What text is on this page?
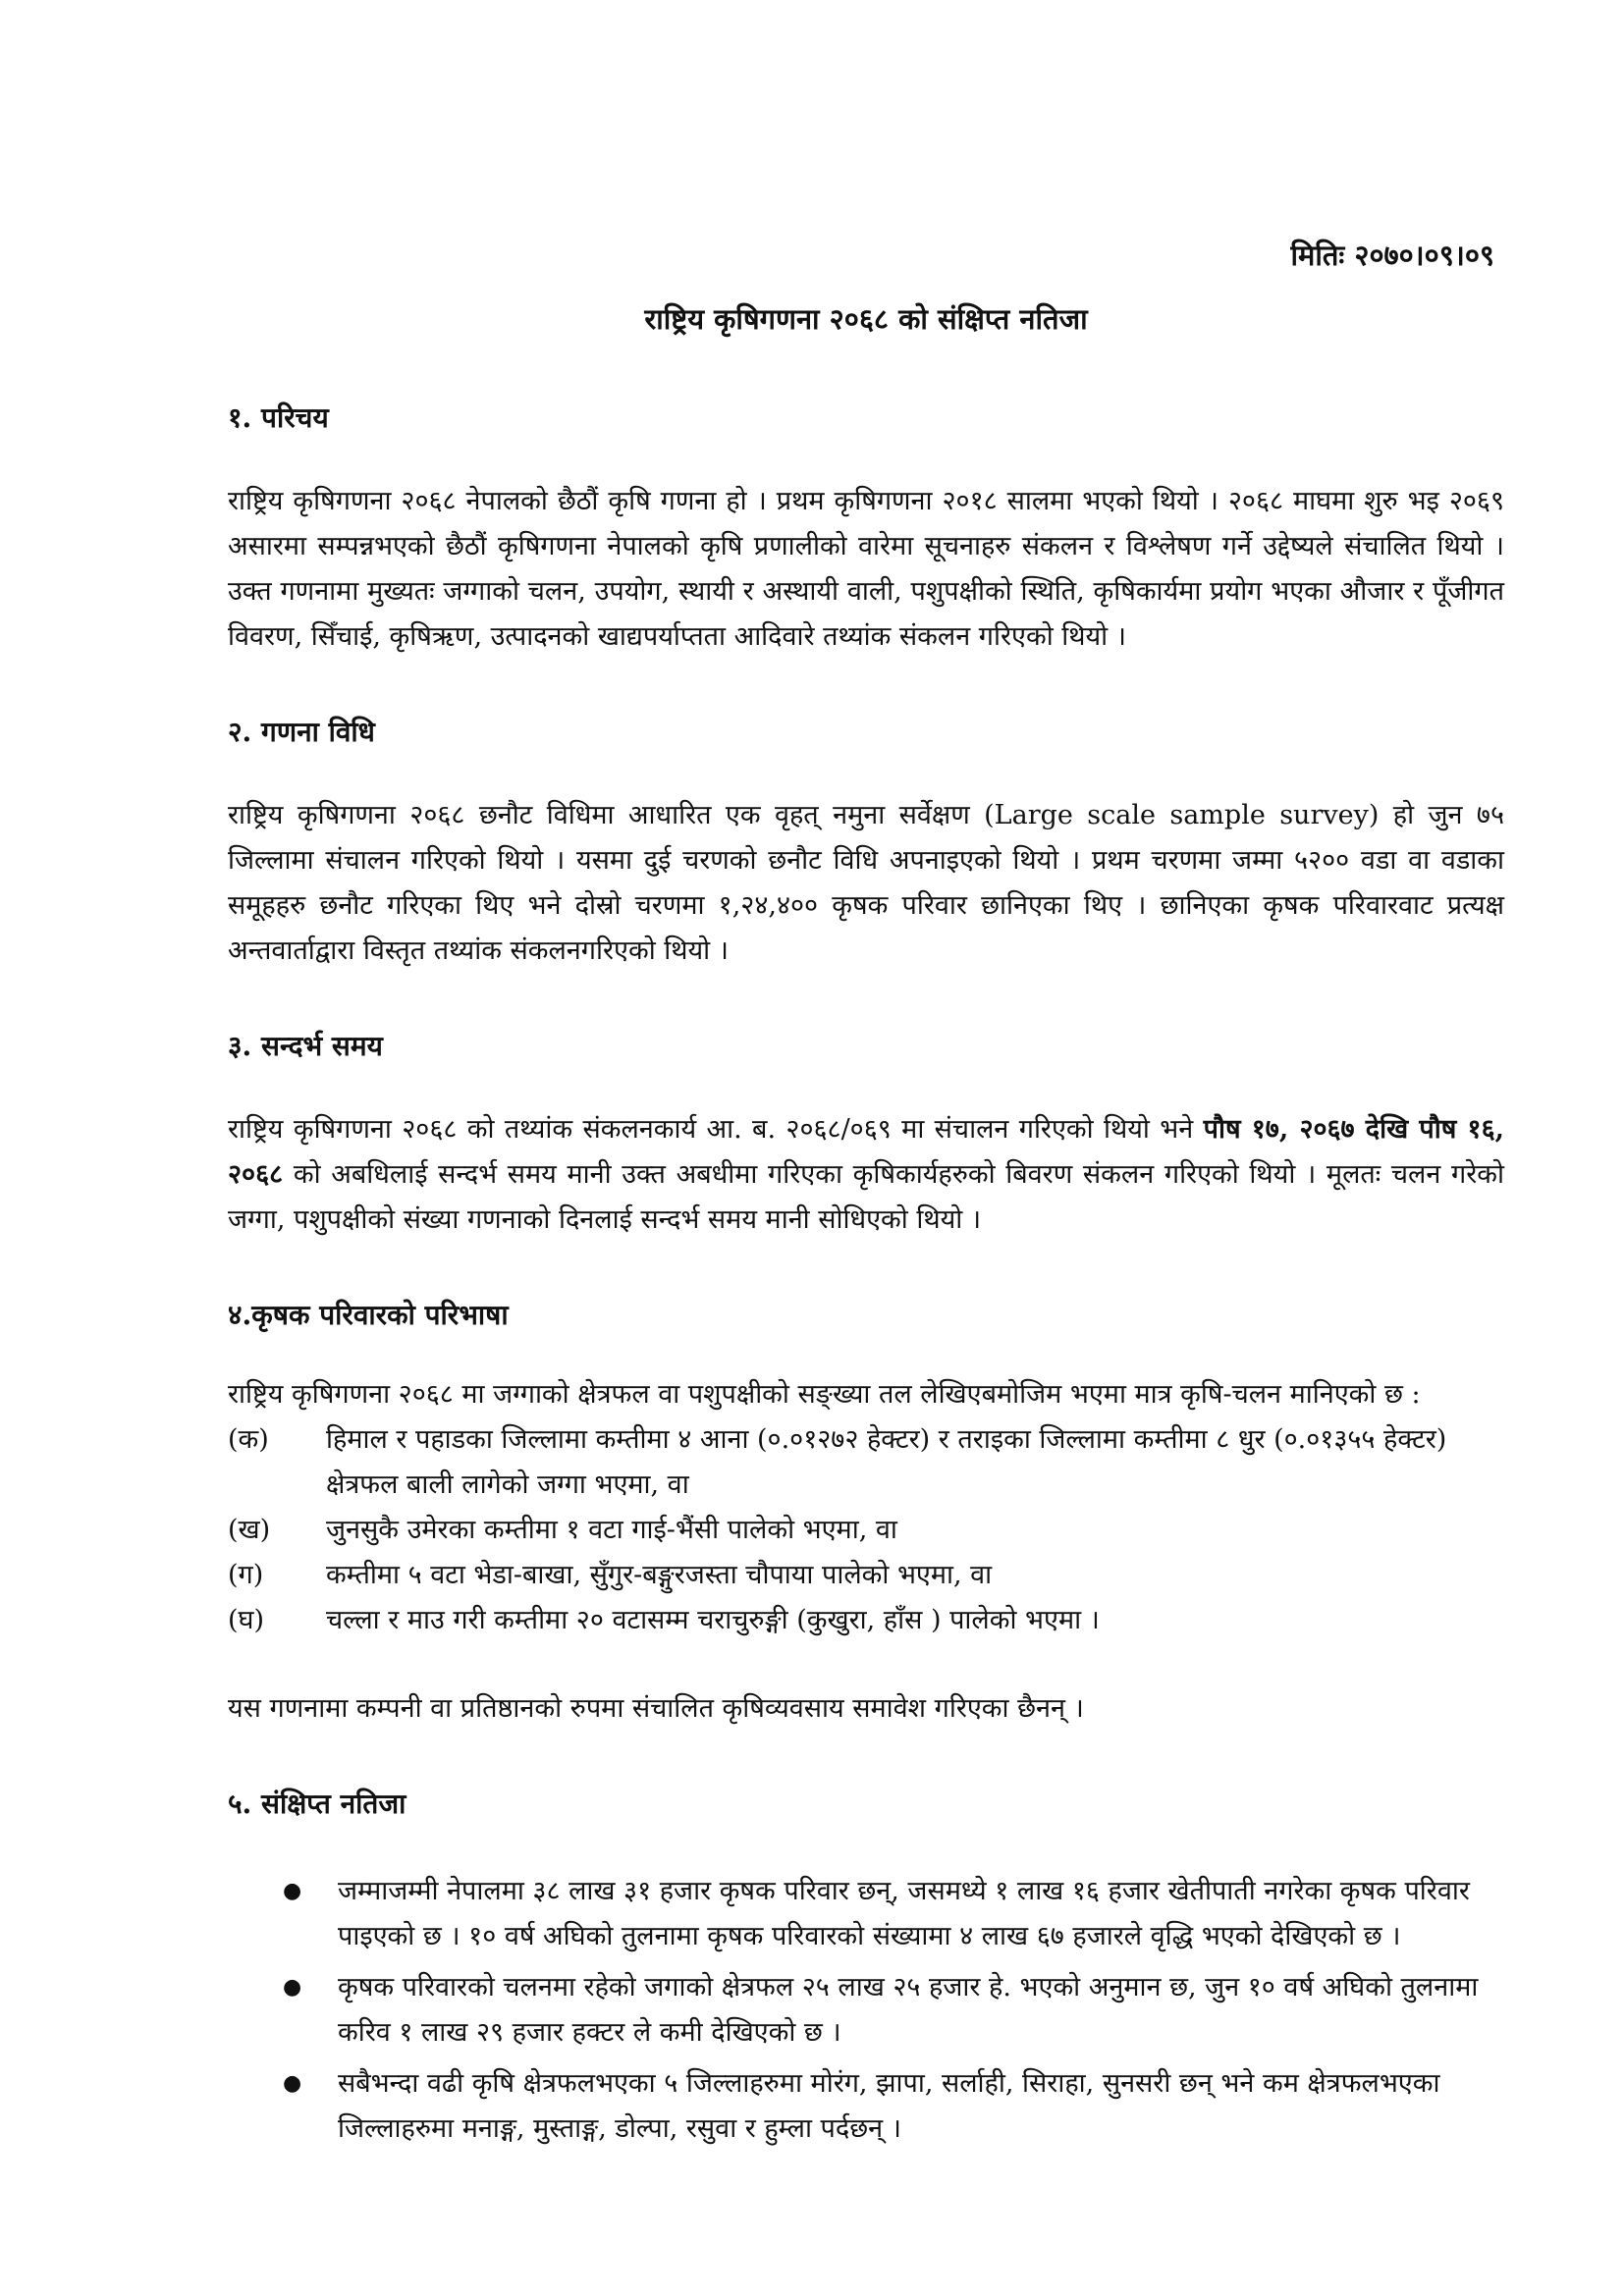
मितिः २०७०।०९।०९
राष्ट्रिय कृषिगणना २०६८ को संक्षिप्त नतिजा
१. परिचय

राष्ट्रिय कृषिगणना २०६८ नेपालको छैठौं कृषि गणना हो । प्रथम कृषिगणना २०१८ सालमा भएको थियो । २०६८ माघमा शुरु भइ २०६९ असारमा सम्पन्नभएको छैठौं कृषिगणना नेपालको कृषि प्रणालीको वारेमा सूचनाहरु संकलन र विश्लेषण गर्ने उद्देष्यले संचालित थियो । उक्त गणनामा मुख्यतः जग्गाको चलन, उपयोग, स्थायी र अस्थायी वाली, पशुपक्षीको स्थिति, कृषिकार्यमा प्रयोग भएका औजार र पूँजीगत विवरण, सिँचाई, कृषिऋण, उत्पादनको खाद्यपर्याप्तता आदिवारे तथ्यांक संकलन गरिएको थियो ।

२. गणना विधि

राष्ट्रिय कृषिगणना २०६८ छनौट विधिमा आधारित एक वृहत् नमुना सर्वेक्षण (Large scale sample survey) हो जुन ७५ जिल्लामा संचालन गरिएको थियो । यसमा दुई चरणको छनौट विधि अपनाइएको थियो । प्रथम चरणमा जम्मा ५२०० वडा वा वडाका समूहहरु छनौट गरिएका थिए भने दोस्रो चरणमा १,२४,४०० कृषक परिवार छानिएका थिए । छानिएका कृषक परिवारवाट प्रत्यक्ष अन्तवार्ताद्वारा विस्तृत तथ्यांक संकलनगरिएको थियो ।

३. सन्दर्भ समय

राष्ट्रिय कृषिगणना २०६८ को तथ्यांक संकलनकार्य आ. ब. २०६८/०६९ मा संचालन गरिएको थियो भने पौष १७, २०६७ देखि पौष १६, २०६८ को अबधिलाई सन्दर्भ समय मानी उक्त अबधीमा गरिएका कृषिकार्यहरुको बिवरण संकलन गरिएको थियो । मूलतः चलन गरेको जग्गा, पशुपक्षीको संख्या गणनाको दिनलाई सन्दर्भ समय मानी सोधिएको थियो ।

४.कृषक परिवारको परिभाषा

राष्ट्रिय कृषिगणना २०६८ मा जग्गाको क्षेत्रफल वा पशुपक्षीको सङ्ख्या तल लेखिएबमोजिम भएमा मात्र कृषि-चलन मानिएको छ :

(क)	हिमाल र पहाडका जिल्लामा कम्तीमा ४ आना (०.०१२७२ हेक्टर) र तराइका जिल्लामा कम्तीमा ८ धुर (०.०१३५५ हेक्टर) क्षेत्रफल बाली लागेको जग्गा भएमा, वा
(ख)	जुनसुकै उमेरका कम्तीमा १ वटा गाई-भैंसी पालेको भएमा, वा
(ग)	कम्तीमा ५ वटा भेडा-बाखा, सुँगुर-बङ्गुरजस्ता चौपाया पालेको भएमा, वा
(घ)	चल्ला र माउ गरी कम्तीमा २० वटासम्म चराचुरुङ्गी (कुखुरा, हाँस ) पालेको भएमा ।

यस गणनामा कम्पनी वा प्रतिष्ठानको रुपमा संचालित कृषिव्यवसाय समावेश गरिएका छैनन् ।

५. संक्षिप्त नतिजा
●	जम्माजम्मी नेपालमा ३८ लाख ३१ हजार कृषक परिवार छन्, जसमध्ये १ लाख १६ हजार खेतीपाती नगरेका कृषक परिवार पाइएको छ । १० वर्ष अघिको तुलनामा कृषक परिवारको संख्यामा ४ लाख ६७ हजारले वृद्धि भएको देखिएको छ ।
●	कृषक परिवारको चलनमा रहेको जगाको क्षेत्रफल २५ लाख २५ हजार हे. भएको अनुमान छ, जुन १० वर्ष अघिको तुलनामा करिव १ लाख २९ हजार हक्टर ले कमी देखिएको छ ।
●	सबैभन्दा वढी कृषि क्षेत्रफलभएका ५ जिल्लाहरुमा मोरंग, झापा, सर्लाही, सिराहा, सुनसरी छन् भने कम क्षेत्रफलभएका जिल्लाहरुमा मनाङ्ग, मुस्ताङ्ग, डोल्पा, रसुवा र हुम्ला पर्दछन् ।
